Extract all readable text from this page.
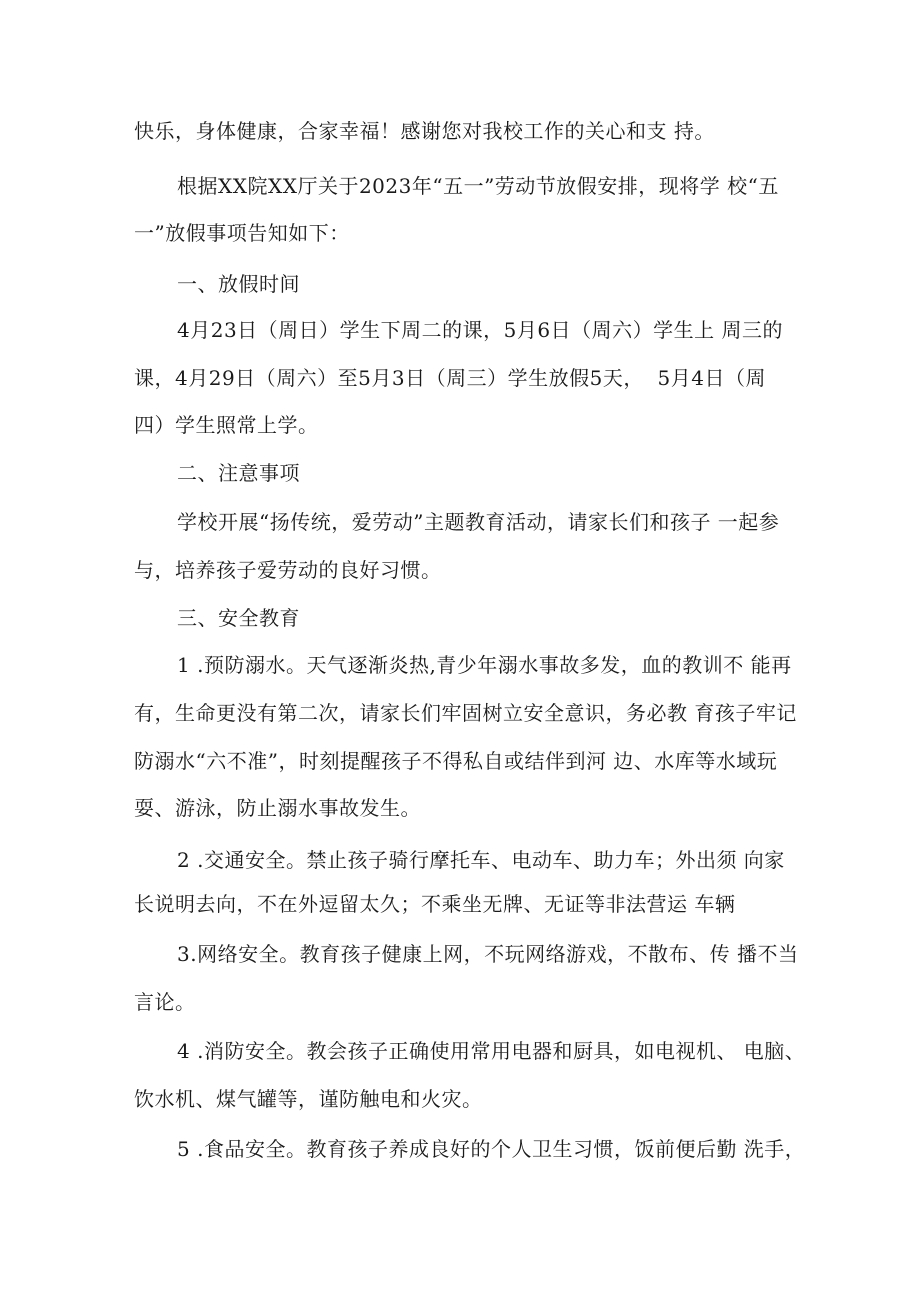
快乐，身体健康，合家幸福！感谢您对我校工作的关心和支 持。
根据XX院XX厅关于2023年“五一”劳动节放假安排，现将学 校“五
一”放假事项告知如下：
一、放假时间
4月23日（周日）学生下周二的课，5月6日（周六）学生上 周三的
课，4月29日（周六）至5月3日（周三）学生放假5天，  5月4日（周
四）学生照常上学。
二、注意事项
学校开展“扬传统，爱劳动”主题教育活动，请家长们和孩子 一起参
与，培养孩子爱劳动的良好习惯。
三、安全教育
1 .预防溺水。天气逐渐炎热,青少年溺水事故多发，血的教训不 能再
有，生命更没有第二次，请家长们牢固树立安全意识，务必教 育孩子牢记
防溺水“六不准”，时刻提醒孩子不得私自或结伴到河 边、水库等水域玩
耍、游泳，防止溺水事故发生。
2 .交通安全。禁止孩子骑行摩托车、电动车、助力车；外出须 向家
长说明去向，不在外逗留太久；不乘坐无牌、无证等非法营运 车辆
3.网络安全。教育孩子健康上网，不玩网络游戏，不散布、传 播不当
言论。
4 .消防安全。教会孩子正确使用常用电器和厨具，如电视机、 电脑、
饮水机、煤气罐等，谨防触电和火灾。
5 .食品安全。教育孩子养成良好的个人卫生习惯，饭前便后勤 洗手，
